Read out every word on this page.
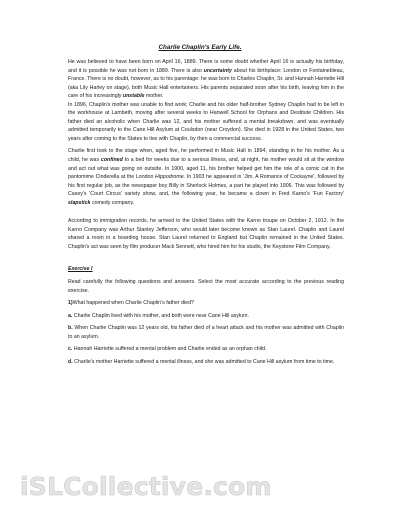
Charlie Chaplin's Early Life.

He was believed to have been born on April 16, 1889. There is some doubt whether April 16 is actually his birthday, and it is possible he was not born in 1889. There is also uncertainty about his birthplace: London or Fontainebleau, France. There is no doubt, however, as to his parentage: he was born to Charles Chaplin, Sr. and Hannah Harriette Hill (aka Lily Harley on stage), both Music Hall entertainers. His parents separated soon after his birth, leaving him in the care of his increasingly unstable mother.

In 1896, Chaplin's mother was unable to find work; Charlie and his older half-brother Sydney Chaplin had to be left in the workhouse at Lambeth, moving after several weeks to Hanwell School for Orphans and Destitute Children. His father died an alcoholic when Charlie was 12, and his mother suffered a mental breakdown, and was eventually admitted temporarily to the Cane Hill Asylum at Coulsdon (near Croydon). She died in 1928 in the United States, two years after coming to the States to live with Chaplin, by then a commercial success.

Charlie first took to the stage when, aged five, he performed in Music Hall in 1894, standing in for his mother. As a child, he was confined to a bed for weeks due to a serious illness, and, at night, his mother would sit at the window and act out what was going on outside. In 1900, aged 11, his brother helped get him the role of a comic cat in the pantomime Cinderella at the London Hippodrome. In 1903 he appeared in 'Jim, A Romance of Cockayne', followed by his first regular job, as the newspaper boy Billy in Sherlock Holmes, a part he played into 1906. This was followed by Casey's 'Court Circus' variety show, and, the following year, he became a clown in Fred Karno's 'Fun Factory' slapstick comedy company.

According to immigration records, he arrived in the United States with the Karno troupe on October 2, 1912. In the Karno Company was Arthur Stanley Jefferson, who would later become known as Stan Laurel. Chaplin and Laurel shared a room in a boarding house. Stan Laurel returned to England but Chaplin remained in the United States. Chaplin's act was seen by film producer Mack Sennett, who hired him for his studio, the Keystone Film Company.

Exercise I

Read carefully the following questions and answers. Select the most accurate according to the previous reading exercise.

1)What happened when Charlie Chaplin's father died?

a. Charlie Chaplin lived with his mother, and both were near Cane Hill asylum.

b. When Charlie Chaplin was 12 years old, his father died of a heart attack and his mother was admitted with Chaplin to an asylum.

c. Hannah Harriette suffered a mental problem and Charlie ended as an orphan child.

d. Charlie's mother Harriette suffered a mental illness, and she was admitted to Cane Hill asylum from time to time.

iSLCollective.com
